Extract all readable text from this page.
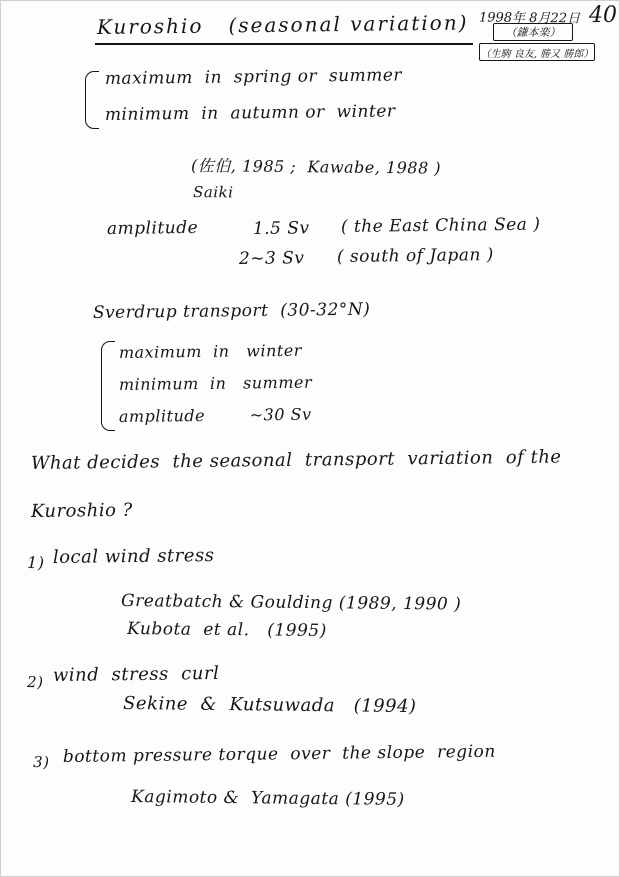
1998年 8月22日 40
（鎌本楽）
（生駒 良友, 勝又 勝郎）
Kuroshio   (seasonal variation)
maximum  in  spring or  summer
minimum  in  autumn or  winter
(佐伯, 1985 ;  Kawabe, 1988 )
Saiki
amplitude	1.5 Sv ( the East China Sea )
2~3 Sv ( south of Japan )
Sverdrup transport  (30-32°N)
maximum  in   winter
minimum  in   summer
amplitude        ~30 Sv
What decides  the seasonal  transport  variation  of the
Kuroshio ?
1) local wind stress
Greatbatch & Goulding (1989, 1990 )
Kubota  et al.   (1995)
2) wind  stress  curl
Sekine  &  Kutsuwada   (1994)
3) bottom pressure torque  over  the slope  region
Kagimoto &  Yamagata (1995)
